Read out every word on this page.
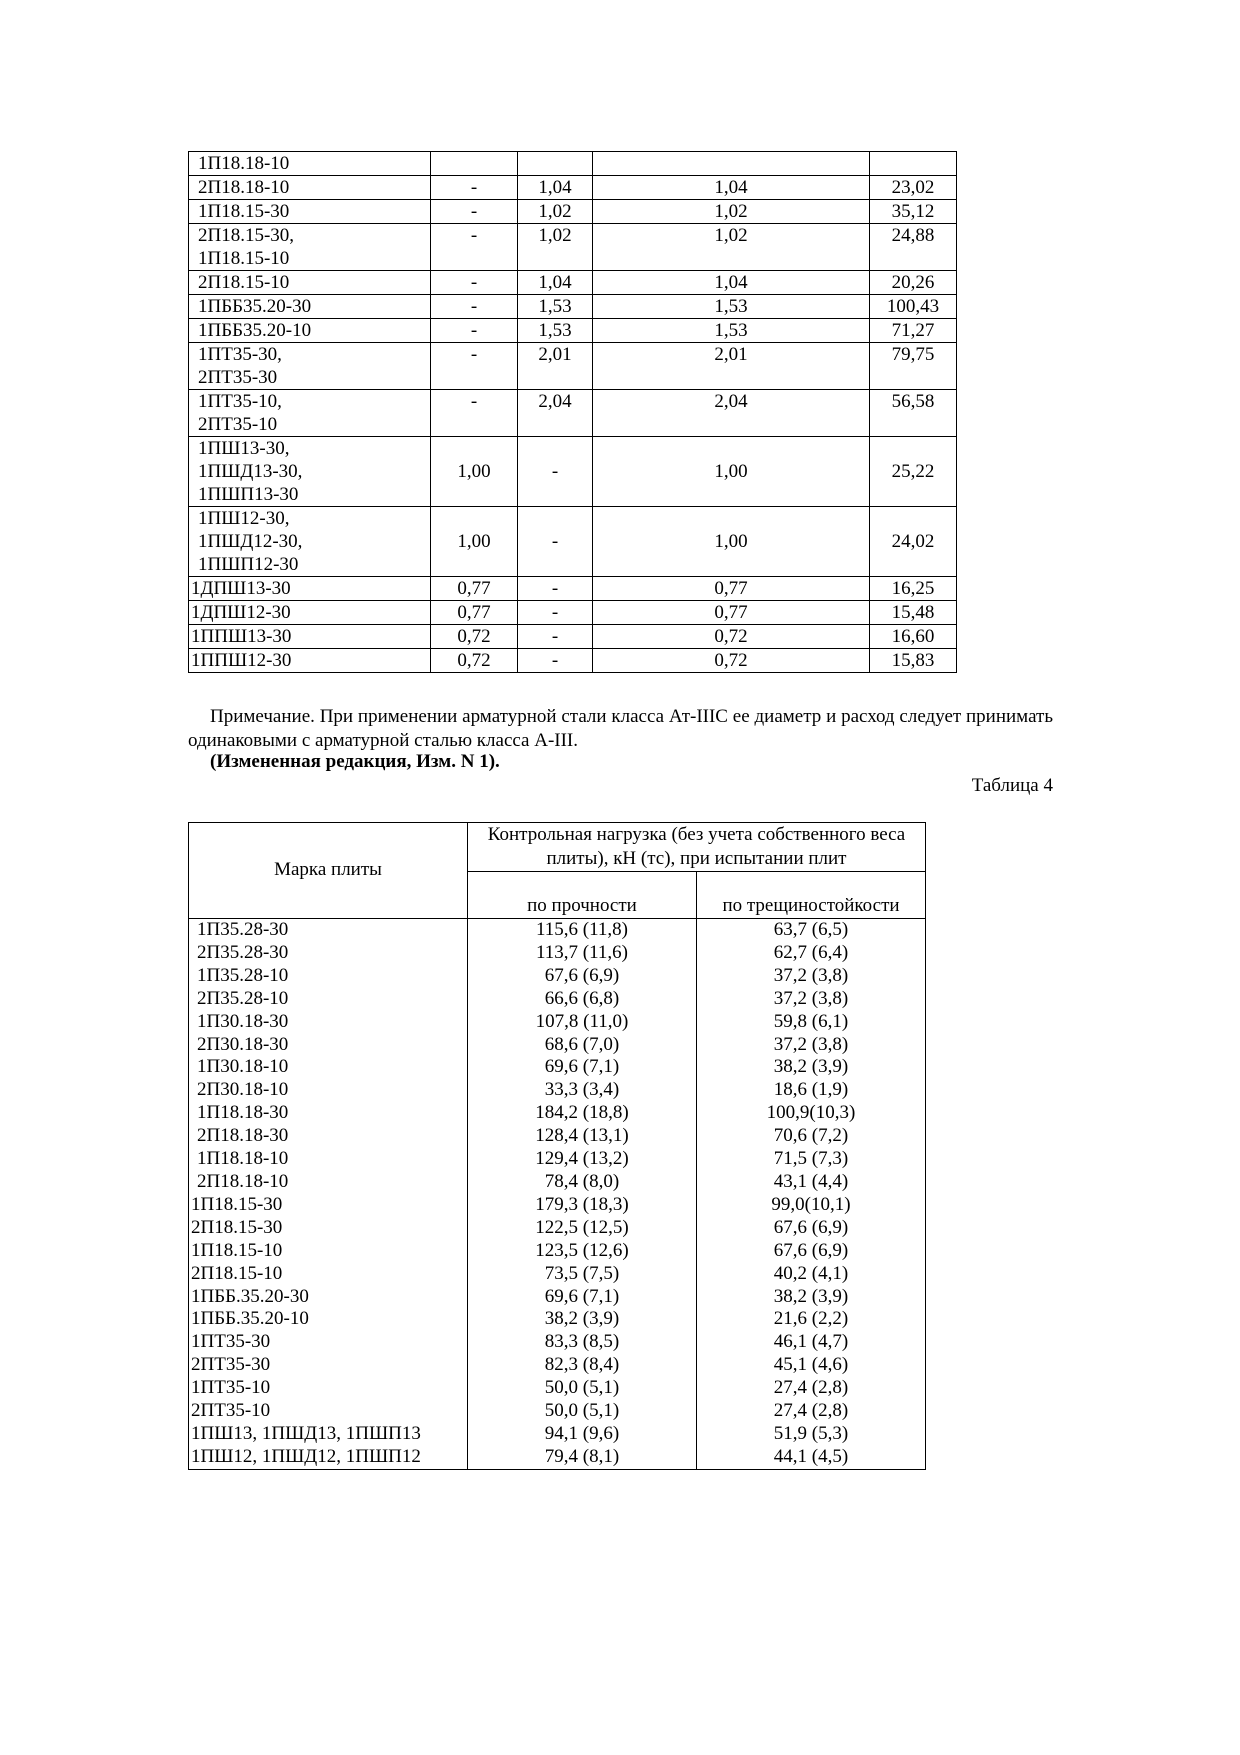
1П18.18-10				

2П18.18-10	-	1,04	1,04	23,02

1П18.15-30	-	1,02	1,02	35,12

2П18.15-30,
1П18.15-10	-	1,02	1,02	24,88

2П18.15-10	-	1,04	1,04	20,26

1ПББ35.20-30	-	1,53	1,53	100,43

1ПББ35.20-10	-	1,53	1,53	71,27

1ПТ35-30,
2ПТ35-30	-	2,01	2,01	79,75

1ПТ35-10,
2ПТ35-10	-	2,04	2,04	56,58

1ПШ13-30,
1ПШД13-30,
1ПШП13-30	1,00	-	1,00	25,22

1ПШ12-30,
1ПШД12-30,
1ПШП12-30	1,00	-	1,00	24,02

1ДПШ13-30	0,77	-	0,77	16,25

1ДПШ12-30	0,77	-	0,77	15,48

1ППШ13-30	0,72	-	0,72	16,60

1ППШ12-30	0,72	-	0,72	15,83
Примечание. При применении арматурной стали класса Ат-IIIC ее диаметр и расход следует принимать одинаковыми с арматурной сталью класса А-III.
(Измененная редакция, Изм. N 1).
Таблица 4
Марка плиты	Контрольная нагрузка (без учета собственного веса плиты), кН (тс), при испытании плит	
	по прочности	по трещиностойкости
1П35.28-30	115,6 (11,8)	63,7 (6,5)
2П35.28-30	113,7 (11,6)	62,7 (6,4)
1П35.28-10	67,6 (6,9)	37,2 (3,8)
2П35.28-10	66,6 (6,8)	37,2 (3,8)
1П30.18-30	107,8 (11,0)	59,8 (6,1)
2П30.18-30	68,6 (7,0)	37,2 (3,8)
1П30.18-10	69,6 (7,1)	38,2 (3,9)
2П30.18-10	33,3 (3,4)	18,6 (1,9)
1П18.18-30	184,2 (18,8)	100,9(10,3)
2П18.18-30	128,4 (13,1)	70,6 (7,2)
1П18.18-10	129,4 (13,2)	71,5 (7,3)
2П18.18-10	78,4 (8,0)	43,1 (4,4)
1П18.15-30	179,3 (18,3)	99,0(10,1)
2П18.15-30	122,5 (12,5)	67,6 (6,9)
1П18.15-10	123,5 (12,6)	67,6 (6,9)
2П18.15-10	73,5 (7,5)	40,2 (4,1)
1ПББ.35.20-30	69,6 (7,1)	38,2 (3,9)
1ПББ.35.20-10	38,2 (3,9)	21,6 (2,2)
1ПТ35-30	83,3 (8,5)	46,1 (4,7)
2ПТ35-30	82,3 (8,4)	45,1 (4,6)
1ПТ35-10	50,0 (5,1)	27,4 (2,8)
2ПТ35-10	50,0 (5,1)	27,4 (2,8)
1ПШ13, 1ПШД13, 1ПШП13	94,1 (9,6)	51,9 (5,3)
1ПШ12, 1ПШД12, 1ПШП12	79,4 (8,1)	44,1 (4,5)
